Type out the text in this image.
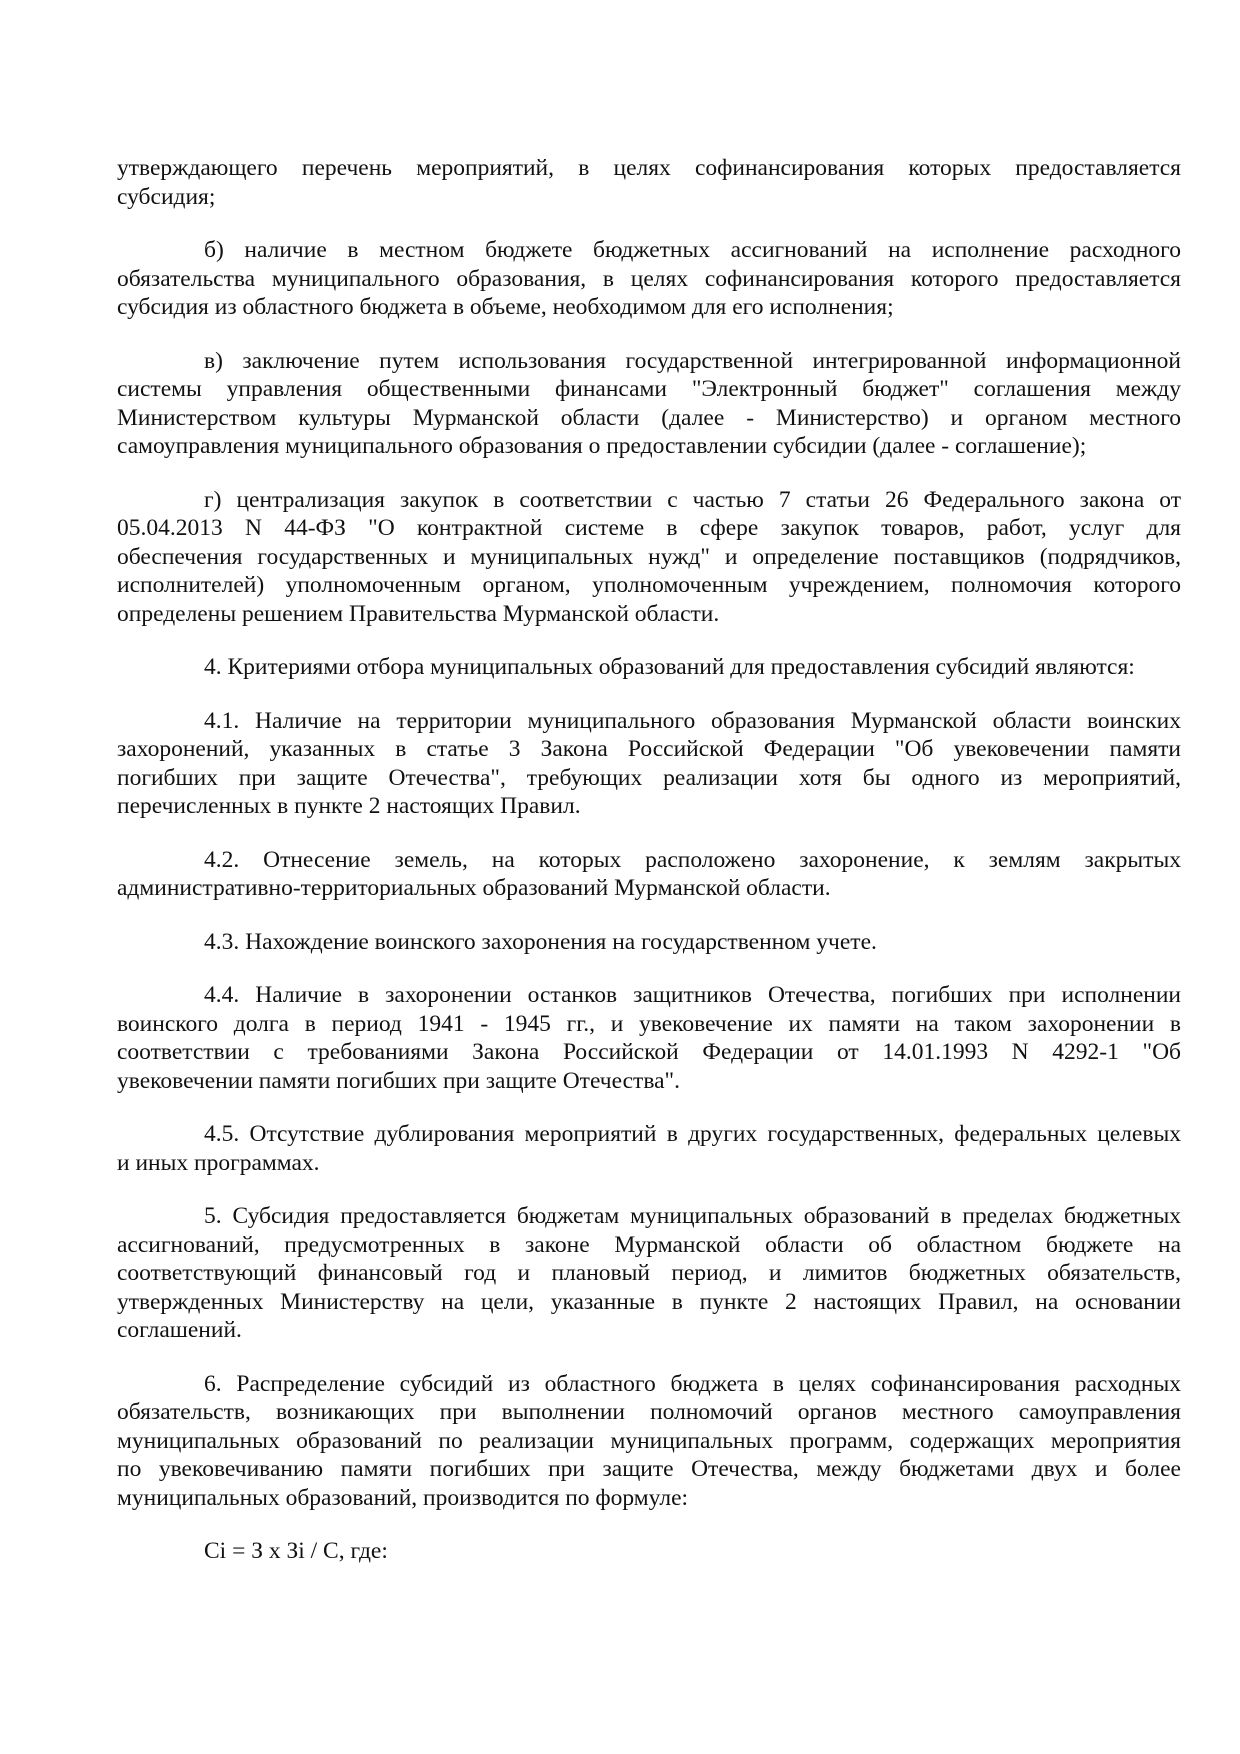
утверждающего перечень мероприятий, в целях софинансирования которых предоставляется
субсидия;
б) наличие в местном бюджете бюджетных ассигнований на исполнение расходного
обязательства муниципального образования, в целях софинансирования которого предоставляется
субсидия из областного бюджета в объеме, необходимом для его исполнения;
в) заключение путем использования государственной интегрированной информационной
системы управления общественными финансами "Электронный бюджет" соглашения между
Министерством культуры Мурманской области (далее - Министерство) и органом местного
самоуправления муниципального образования о предоставлении субсидии (далее - соглашение);
г) централизация закупок в соответствии с частью 7 статьи 26 Федерального закона от
05.04.2013 N 44-ФЗ "О контрактной системе в сфере закупок товаров, работ, услуг для
обеспечения государственных и муниципальных нужд" и определение поставщиков (подрядчиков,
исполнителей) уполномоченным органом, уполномоченным учреждением, полномочия которого
определены решением Правительства Мурманской области.
4. Критериями отбора муниципальных образований для предоставления субсидий являются:
4.1. Наличие на территории муниципального образования Мурманской области воинских
захоронений, указанных в статье 3 Закона Российской Федерации "Об увековечении памяти
погибших при защите Отечества", требующих реализации хотя бы одного из мероприятий,
перечисленных в пункте 2 настоящих Правил.
4.2. Отнесение земель, на которых расположено захоронение, к землям закрытых
административно-территориальных образований Мурманской области.
4.3. Нахождение воинского захоронения на государственном учете.
4.4. Наличие в захоронении останков защитников Отечества, погибших при исполнении
воинского долга в период 1941 - 1945 гг., и увековечение их памяти на таком захоронении в
соответствии с требованиями Закона Российской Федерации от 14.01.1993 N 4292-1 "Об
увековечении памяти погибших при защите Отечества".
4.5. Отсутствие дублирования мероприятий в других государственных, федеральных целевых
и иных программах.
5. Субсидия предоставляется бюджетам муниципальных образований в пределах бюджетных
ассигнований, предусмотренных в законе Мурманской области об областном бюджете на
соответствующий финансовый год и плановый период, и лимитов бюджетных обязательств,
утвержденных Министерству на цели, указанные в пункте 2 настоящих Правил, на основании
соглашений.
6. Распределение субсидий из областного бюджета в целях софинансирования расходных
обязательств, возникающих при выполнении полномочий органов местного самоуправления
муниципальных образований по реализации муниципальных программ, содержащих мероприятия
по увековечиванию памяти погибших при защите Отечества, между бюджетами двух и более
муниципальных образований, производится по формуле:
Ci = З x Зi / С, где:
